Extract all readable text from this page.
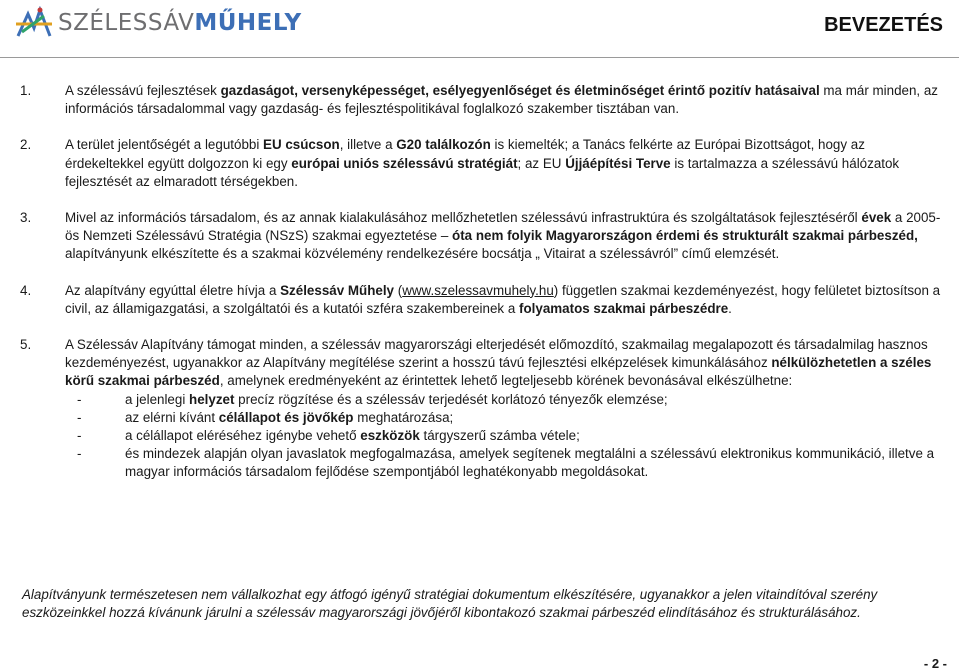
SZÉLESSÁVMŰHELY	BEVEZETÉS
1.	A szélessávú fejlesztések gazdaságot, versenyképességet, esélyegyenlőséget és életminőséget érintő pozitív hatásaival ma már minden, az információs társadalommal vagy gazdaság- és fejlesztéspolitikával foglalkozó szakember tisztában van.

2.	A terület jelentőségét a legutóbbi EU csúcson, illetve a G20 találkozón is kiemelték; a Tanács felkérte az Európai Bizottságot, hogy az érdekeltekkel együtt dolgozzon ki egy európai uniós szélessávú stratégiát; az EU Újjáépítési Terve is tartalmazza a szélessávú hálózatok fejlesztését az elmaradott térségekben.

3.	Mivel az információs társadalom, és az annak kialakulásához mellőzhetetlen szélessávú infrastruktúra és szolgáltatások fejlesztéséről évek a 2005-ös Nemzeti Szélessávú Stratégia (NSzS) szakmai egyeztetése – óta nem folyik Magyarországon érdemi és strukturált szakmai párbeszéd, alapítványunk elkészítette és a szakmai közvélemény rendelkezésére bocsátja „ Vitairat a szélessávról” című elemzését.

4.	Az alapítvány egyúttal életre hívja a Szélessáv Műhely (www.szelessavmuhely.hu) független szakmai kezdeményezést, hogy felületet biztosítson a civil, az államigazgatási, a szolgáltatói és a kutatói szféra szakembereinek a folyamatos szakmai párbeszédre.

5.	A Szélessáv Alapítvány támogat minden, a szélessáv magyarországi elterjedését előmozdító, szakmailag megalapozott és társadalmilag hasznos kezdeményezést, ugyanakkor az Alapítvány megítélése szerint a hosszú távú fejlesztési elképzelések kimunkálásához nélkülözhetetlen a széles körű szakmai párbeszéd, amelynek eredményeként az érintettek lehető legteljesebb körének bevonásával elkészülhetne:

-	a jelenlegi helyzet precíz rögzítése és a szélessáv terjedését korlátozó tényezők elemzése;
-	az elérni kívánt célállapot és jövőkép meghatározása;
-	a célállapot eléréséhez igénybe vehető eszközök tárgyszerű számba vétele;
-	és mindezek alapján olyan javaslatok megfogalmazása, amelyek segítenek megtalálni a szélessávú elektronikus kommunikáció, illetve a magyar információs társadalom fejlődése szempontjából leghatékonyabb megoldásokat.
Alapítványunk természetesen nem vállalkozhat egy átfogó igényű stratégiai dokumentum elkészítésére, ugyanakkor a jelen vitaindítóval szerény eszközeinkkel hozzá kívánunk járulni a szélessáv magyarországi jövőjéről kibontakozó szakmai párbeszéd elindításához és strukturálásához.
- 2 -
